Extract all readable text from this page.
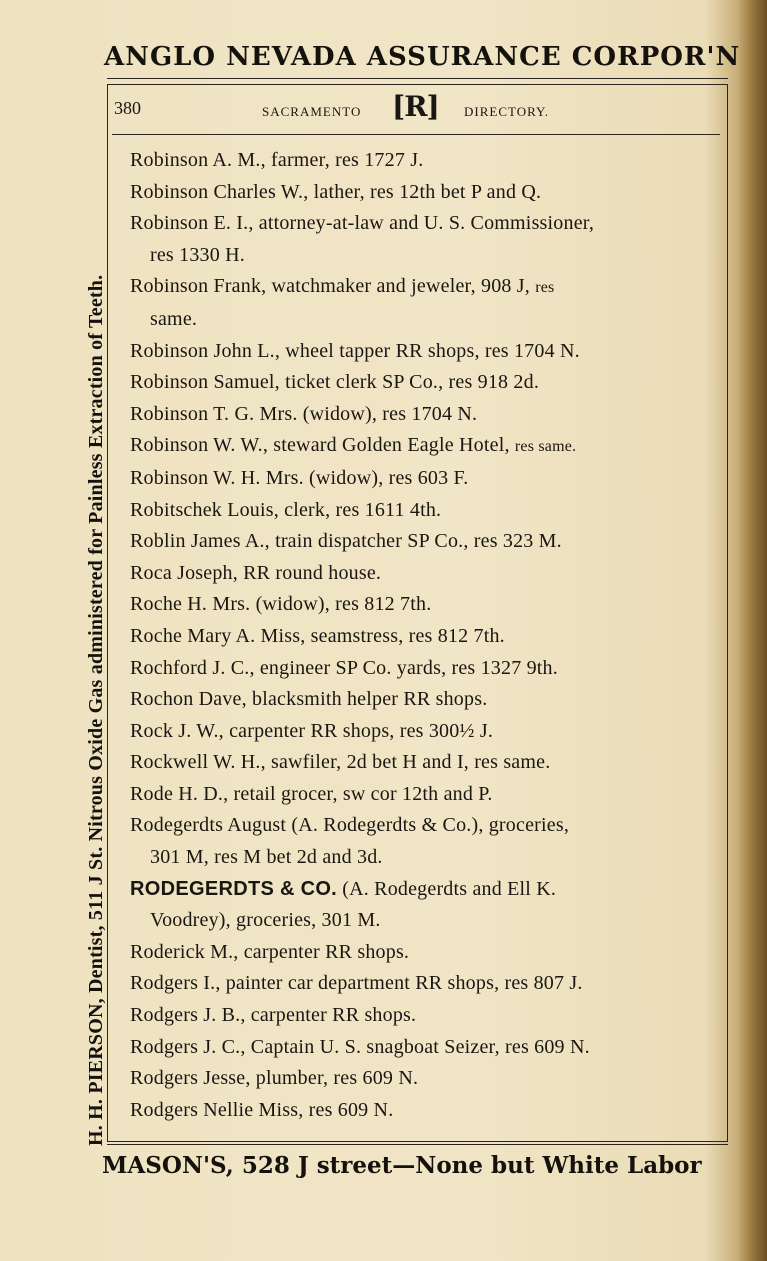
ANGLO NEVADA ASSURANCE CORPOR'N
H. H. PIERSON, Dentist, 511 J St. Nitrous Oxide Gas administered for Painless Extraction of Teeth.
380	SACRAMENTO [R] DIRECTORY.
Robinson A. M., farmer, res 1727 J.
Robinson Charles W., lather, res 12th bet P and Q.
Robinson E. I., attorney-at-law and U. S. Commissioner,
res 1330 H.
Robinson Frank, watchmaker and jeweler, 908 J, res
same.
Robinson John L., wheel tapper RR shops, res 1704 N.
Robinson Samuel, ticket clerk SP Co., res 918 2d.
Robinson T. G. Mrs. (widow), res 1704 N.
Robinson W. W., steward Golden Eagle Hotel, res same.
Robinson W. H. Mrs. (widow), res 603 F.
Robitschek Louis, clerk, res 1611 4th.
Roblin James A., train dispatcher SP Co., res 323 M.
Roca Joseph, RR round house.
Roche H. Mrs. (widow), res 812 7th.
Roche Mary A. Miss, seamstress, res 812 7th.
Rochford J. C., engineer SP Co. yards, res 1327 9th.
Rochon Dave, blacksmith helper RR shops.
Rock J. W., carpenter RR shops, res 300½ J.
Rockwell W. H., sawfiler, 2d bet H and I, res same.
Rode H. D., retail grocer, sw cor 12th and P.
Rodegerdts August (A. Rodegerdts & Co.), groceries,
301 M, res M bet 2d and 3d.
RODEGERDTS & CO. (A. Rodegerdts and Ell K.
Voodrey), groceries, 301 M.
Roderick M., carpenter RR shops.
Rodgers I., painter car department RR shops, res 807 J.
Rodgers J. B., carpenter RR shops.
Rodgers J. C., Captain U. S. snagboat Seizer, res 609 N.
Rodgers Jesse, plumber, res 609 N.
Rodgers Nellie Miss, res 609 N.
MASON'S, 528 J street—None but White Labor
